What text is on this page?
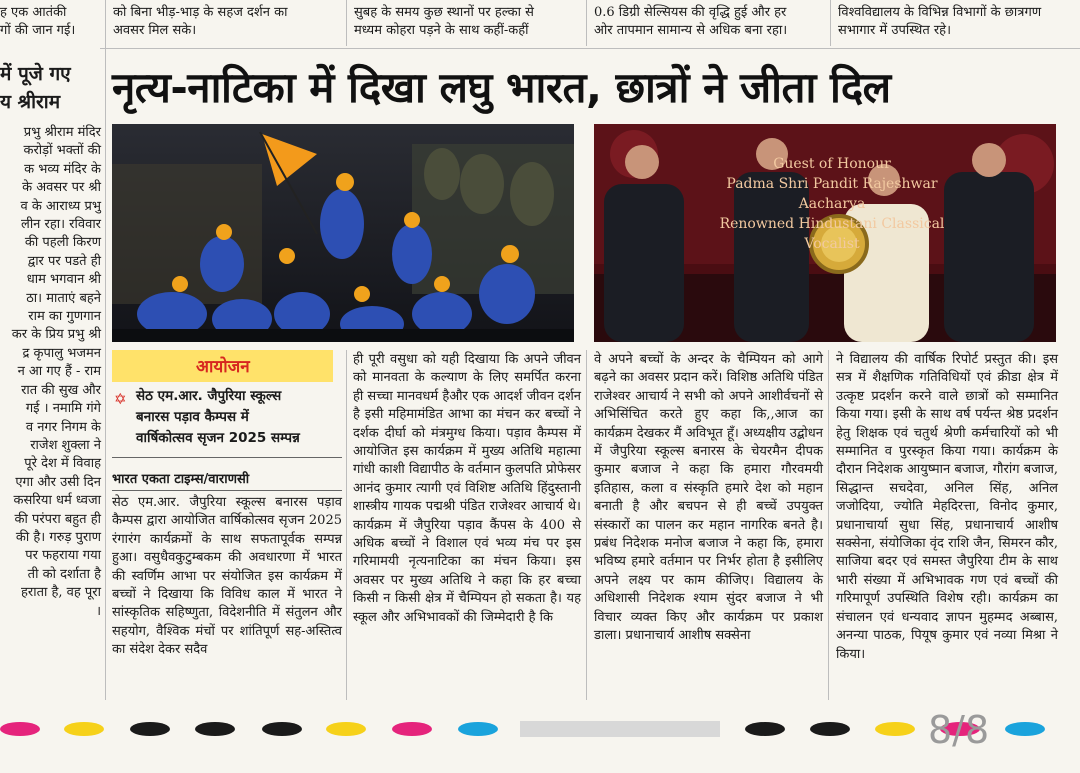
ह एक आतंकी
गों की जान गई।
को बिना भीड़-भाड़ के सहज दर्शन का
अवसर मिल सके।
सुबह के समय कुछ स्थानों पर हल्का से
मध्यम कोहरा पड़ने के साथ कहीं-कहीं
0.6 डिग्री सेल्सियस की वृद्धि हुई और हर
ओर तापमान सामान्य से अधिक बना रहा।
विश्वविद्यालय के विभिन्न विभागों के छात्रगण
सभागार में उपस्थित रहे।
में पूजे गए
य श्रीराम
प्रभु श्रीराम मंदिर
करोड़ों भक्तों की
क भव्य मंदिर के
के अवसर पर श्री
व के आराध्य प्रभु
लीन रहा। रविवार
की पहली किरण
द्वार पर पडते ही
धाम भगवान श्री
ठा। माताएं बहने
राम का गुणगान
कर के प्रिय प्रभु श्री
द्र कृपालु भजमन
न आ गए हैं - राम
रात की सुख और
गई । नमामि गंगे
व नगर निगम के
राजेश शुक्ला ने
पूरे देश में विवाह
एगा और उसी दिन
कसरिया धर्म ध्वजा
की परंपरा बहुत ही
की है। गरुड़ पुराण
पर फहराया गया
ती को दर्शाता है
हराता है, वह पूरा
।
नृत्य-नाटिका में दिखा लघु भारत, छात्रों ने जीता दिल
Guest of Honour
Padma Shri Pandit Rajeshwar Aacharya
Renowned Hindustani Classical Vocalist
आयोजन
✡ सेठ एम.आर. जैपुरिया स्कूल्स
बनारस पड़ाव कैम्पस में
वार्षिकोत्सव सृजन 2025 सम्पन्न
भारत एकता टाइम्स/वाराणसी
सेठ एम.आर. जैपुरिया स्कूल्स बनारस पड़ाव कैम्पस द्वारा आयोजित वार्षिकोत्सव सृजन 2025 रंगारंग कार्यक्रमों के साथ सफतापूर्वक सम्पन्न हुआ। वसुधैवकुटुम्बकम की अवधारणा में भारत की स्वर्णिम आभा पर संयोजित इस कार्यक्रम में बच्चों ने दिखाया कि विविध काल में भारत ने सांस्कृतिक सहिष्णुता, विदेशनीति में संतुलन और सहयोग, वैश्विक मंचों पर शांतिपूर्ण सह-अस्तित्व का संदेश देकर सदैव
ही पूरी वसुधा को यही दिखाया कि अपने जीवन को मानवता के कल्याण के लिए समर्पित करना ही सच्चा मानवधर्म हैऔर एक आदर्श जीवन दर्शन है इसी महिमामंडित आभा का मंचन कर बच्चों ने दर्शक दीर्घा को मंत्रमुग्ध किया। पड़ाव कैम्पस में आयोजित इस कार्यक्रम में मुख्य अतिथि महात्मा गांधी काशी विद्यापीठ के वर्तमान कुलपति प्रोफेसर आनंद कुमार त्यागी एवं विशिष्ट अतिथि हिंदुस्तानी शास्त्रीय गायक पद्मश्री पंडित राजेश्वर आचार्य थे। कार्यक्रम में जैपुरिया पड़ाव कैंपस के 400 से अधिक बच्चों ने विशाल एवं भव्य मंच पर इस गरिमामयी नृत्यनाटिका का मंचन किया। इस अवसर पर मुख्य अतिथि ने कहा कि हर बच्चा किसी न किसी क्षेत्र में चैम्पियन हो सकता है। यह स्कूल और अभिभावकों की जिम्मेदारी है कि
वे अपने बच्चों के अन्दर के चैम्पियन को आगे बढ़ने का अवसर प्रदान करें। विशिष्ठ अतिथि पंडित राजेश्वर आचार्य ने सभी को अपने आशीर्वचनों से अभिसिंचित करते हुए कहा कि,,आज का कार्यक्रम देखकर मैं अविभूत हूँ। अध्यक्षीय उद्बोधन में जैपुरिया स्कूल्स बनारस के चेयरमैन दीपक कुमार बजाज ने कहा कि हमारा गौरवमयी इतिहास, कला व संस्कृति हमारे देश को महान बनाती है और बचपन से ही बच्चें उपयुक्त संस्कारों का पालन कर महान नागरिक बनते है। प्रबंध निदेशक मनोज बजाज ने कहा कि, हमारा भविष्य हमारे वर्तमान पर निर्भर होता है इसीलिए अपने लक्ष्य पर काम कीजिए। विद्यालय के अधिशासी निदेशक श्याम सुंदर बजाज ने भी विचार व्यक्त किए और कार्यक्रम पर प्रकाश डाला। प्रधानाचार्य आशीष सक्सेना
ने विद्यालय की वार्षिक रिपोर्ट प्रस्तुत की। इस सत्र में शैक्षणिक गतिविधियों एवं क्रीडा क्षेत्र में उत्कृष्ट प्रदर्शन करने वाले छात्रों को सम्मानित किया गया। इसी के साथ वर्ष पर्यन्त श्रेष्ठ प्रदर्शन हेतु शिक्षक एवं चतुर्थ श्रेणी कर्मचारियों को भी सम्मानित व पुरस्कृत किया गया। कार्यक्रम के दौरान निदेशक आयुष्मान बजाज, गौरांग बजाज, सिद्धान्त सचदेवा, अनिल सिंह, अनिल जजोदिया, ज्योति मेहदिरत्ता, विनोद कुमार, प्रधानाचार्या सुधा सिंह, प्रधानाचार्य आशीष सक्सेना, संयोजिका वृंद राशि जैन, सिमरन कौर, साजिया बदर एवं समस्त जैपुरिया टीम के साथ भारी संख्या में अभिभावक गण एवं बच्चों की गरिमापूर्ण उपस्थिति विशेष रही। कार्यक्रम का संचालन एवं धन्यवाद ज्ञापन मुहम्मद अब्बास, अनन्या पाठक, पियूष कुमार एवं नव्या मिश्रा ने किया।
8/8
